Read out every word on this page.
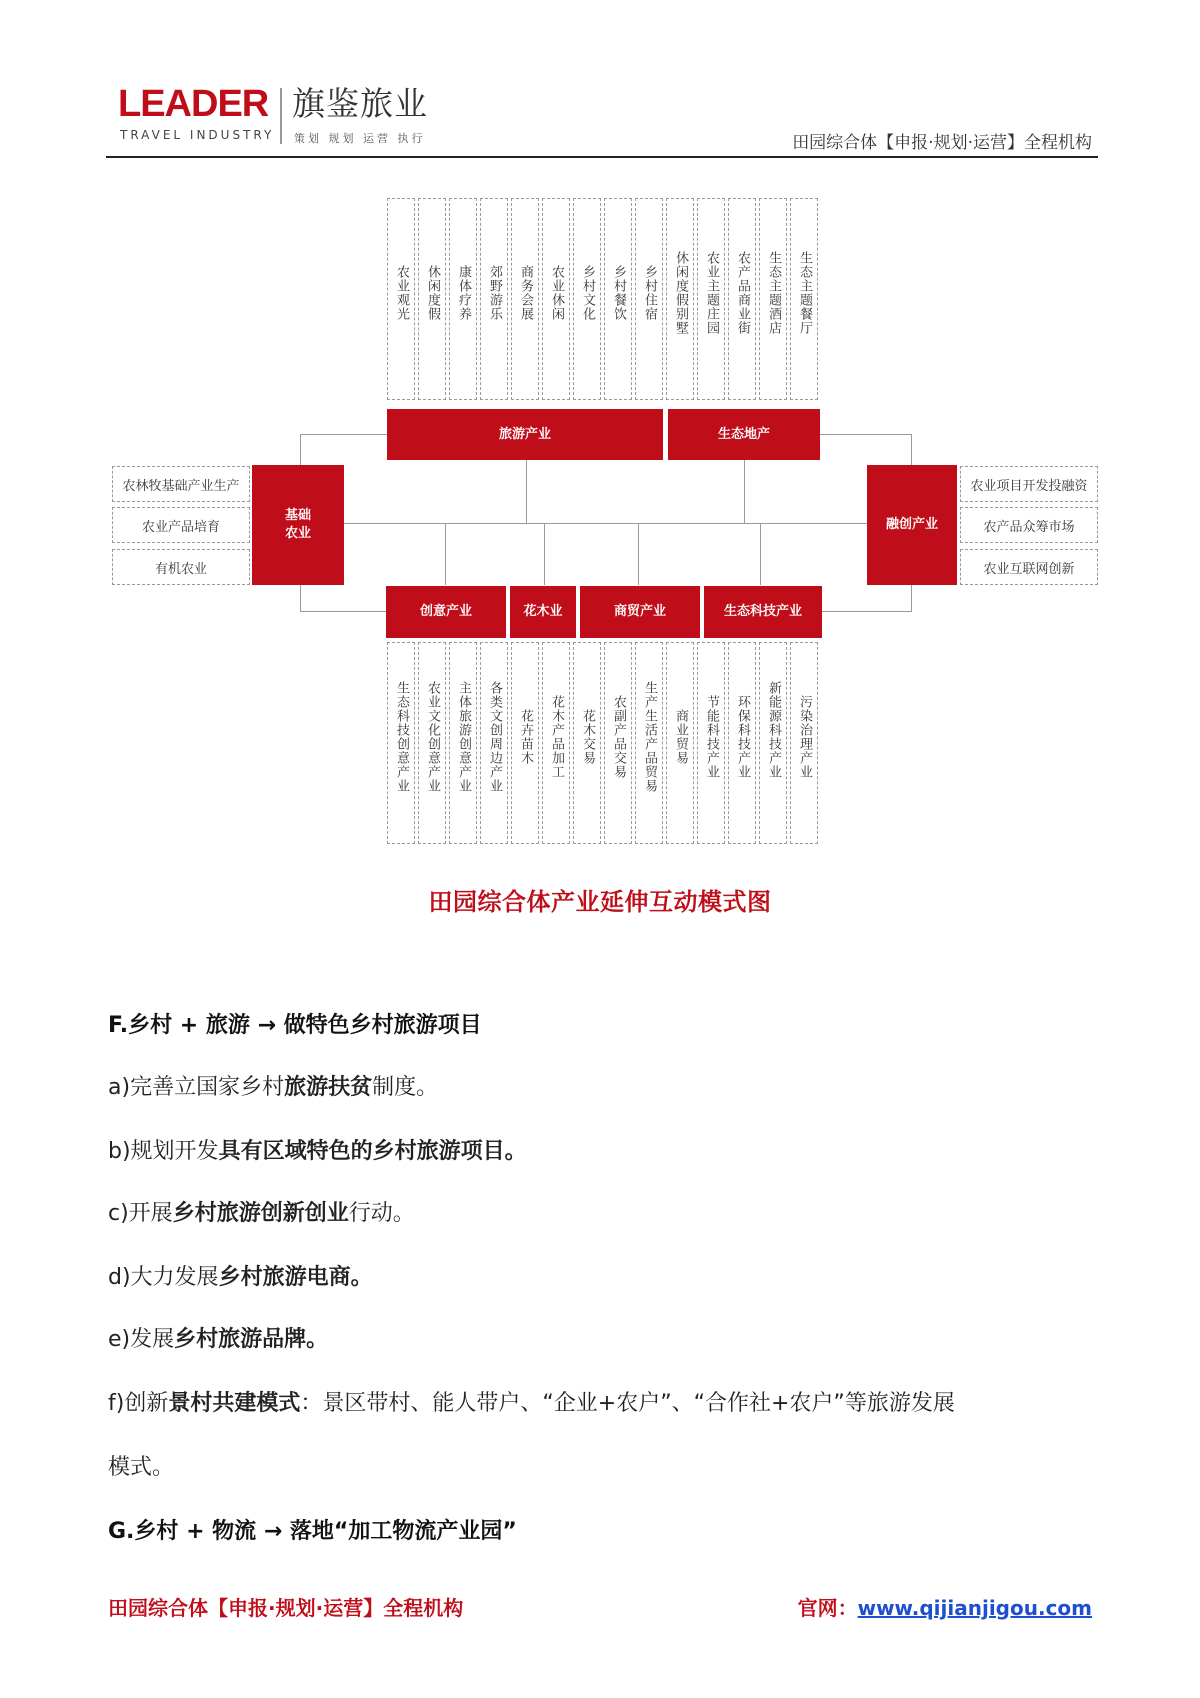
LEADER
TRAVEL INDUSTRY
旗鉴旅业
策划 规划 运营 执行	田园综合体【申报·规划·运营】全程机构
农业观光	休闲度假	康体疗养	郊野游乐	商务会展	农业休闲	乡村文化	乡村餐饮	乡村住宿	休闲度假别墅	农业主题庄园	农产品商业街	生态主题酒店	生态主题餐厅
旅游产业	生态地产
基础农业
农林牧基础产业生产
农业产品培育
有机农业
融创产业
农业项目开发投融资
农产品众筹市场
农业互联网创新
创意产业	花木业	商贸产业	生态科技产业
生态科技创意产业	农业文化创意产业	主体旅游创意产业	各类文创周边产业	花卉苗木	花木产品加工	花木交易	农副产品交易	生产生活产品贸易	商业贸易	节能科技产业	环保科技产业	新能源科技产业	污染治理产业
田园综合体产业延伸互动模式图
F.乡村 + 旅游 → 做特色乡村旅游项目
a)完善立国家乡村旅游扶贫制度。
b)规划开发具有区域特色的乡村旅游项目。
c)开展乡村旅游创新创业行动。
d)大力发展乡村旅游电商。
e)发展乡村旅游品牌。
f)创新景村共建模式：景区带村、能人带户、“企业+农户”、“合作社+农户”等旅游发展
模式。
G.乡村 + 物流 → 落地“加工物流产业园”
田园综合体【申报·规划·运营】全程机构	官网：www.qijianjigou.com
